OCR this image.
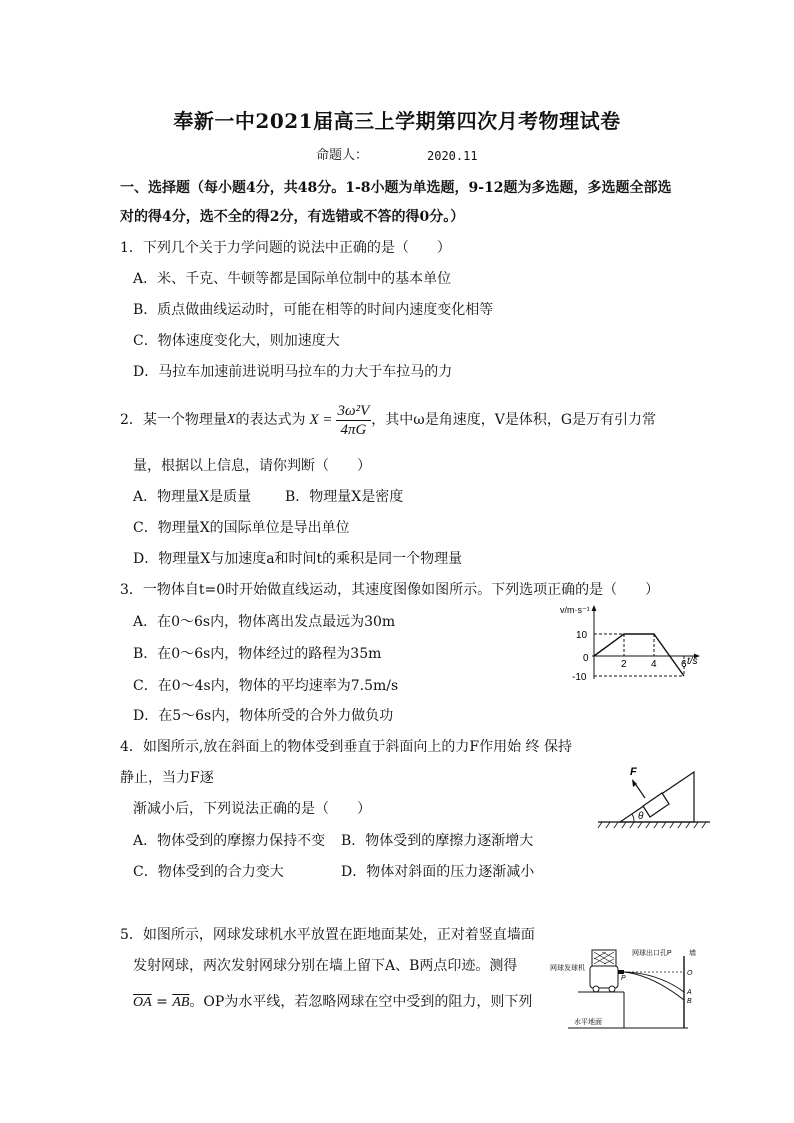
奉新一中2021届高三上学期第四次月考物理试卷
命题人：	2020.11
一、选择题（每小题4分，共48分。1-8小题为单选题，9-12题为多选题，多选题全部选
对的得4分，选不全的得2分，有选错或不答的得0分。）
1．下列几个关于力学问题的说法中正确的是（　　）
A．米、千克、牛顿等都是国际单位制中的基本单位
B．质点做曲线运动时，可能在相等的时间内速度变化相等
C．物体速度变化大，则加速度大
D．马拉车加速前进说明马拉车的力大于车拉马的力
2．某一个物理量 X 的表达式为 $X = \frac{\text{3ω²V}}{4\pi G}$ ，其中ω是角速度，V是体积，G是万有引力常
量，根据以上信息，请你判断（　　）
A．物理量X是质量 B．物理量X是密度
C．物理量X的国际单位是导出单位
D．物理量X与加速度a和时间t的乘积是同一个物理量
3．一物体自t=0时开始做直线运动，其速度图像如图所示。下列选项正确的是（　　）
A．在0～6s内，物体离出发点最远为30m
B．在0～6s内，物体经过的路程为35m
C．在0～4s内，物体的平均速率为7.5m/s
D．在5～6s内，物体所受的合外力做负功
v/m·s⁻¹
t/s
10
-10
0
2 4 6
4．如图所示,放在斜面上的物体受到垂直于斜面向上的力F作用始 终 保持
静止，当力F逐
渐减小后，下列说法正确的是（　　）
A．物体受到的摩擦力保持不变 B．物体受到的摩擦力逐渐增大
C．物体受到的合力变大	D．物体对斜面的压力逐渐减小
F
θ
5．如图所示，网球发球机水平放置在距地面某处，正对着竖直墙面
发射网球，两次发射网球分别在墙上留下A、B两点印迹。测得
$\overline{OA} = \overline{AB}$。OP为水平线，若忽略网球在空中受到的阻力，则下列
网球发球机
网球出口孔P 墙
水平地面
P
O
A
B
